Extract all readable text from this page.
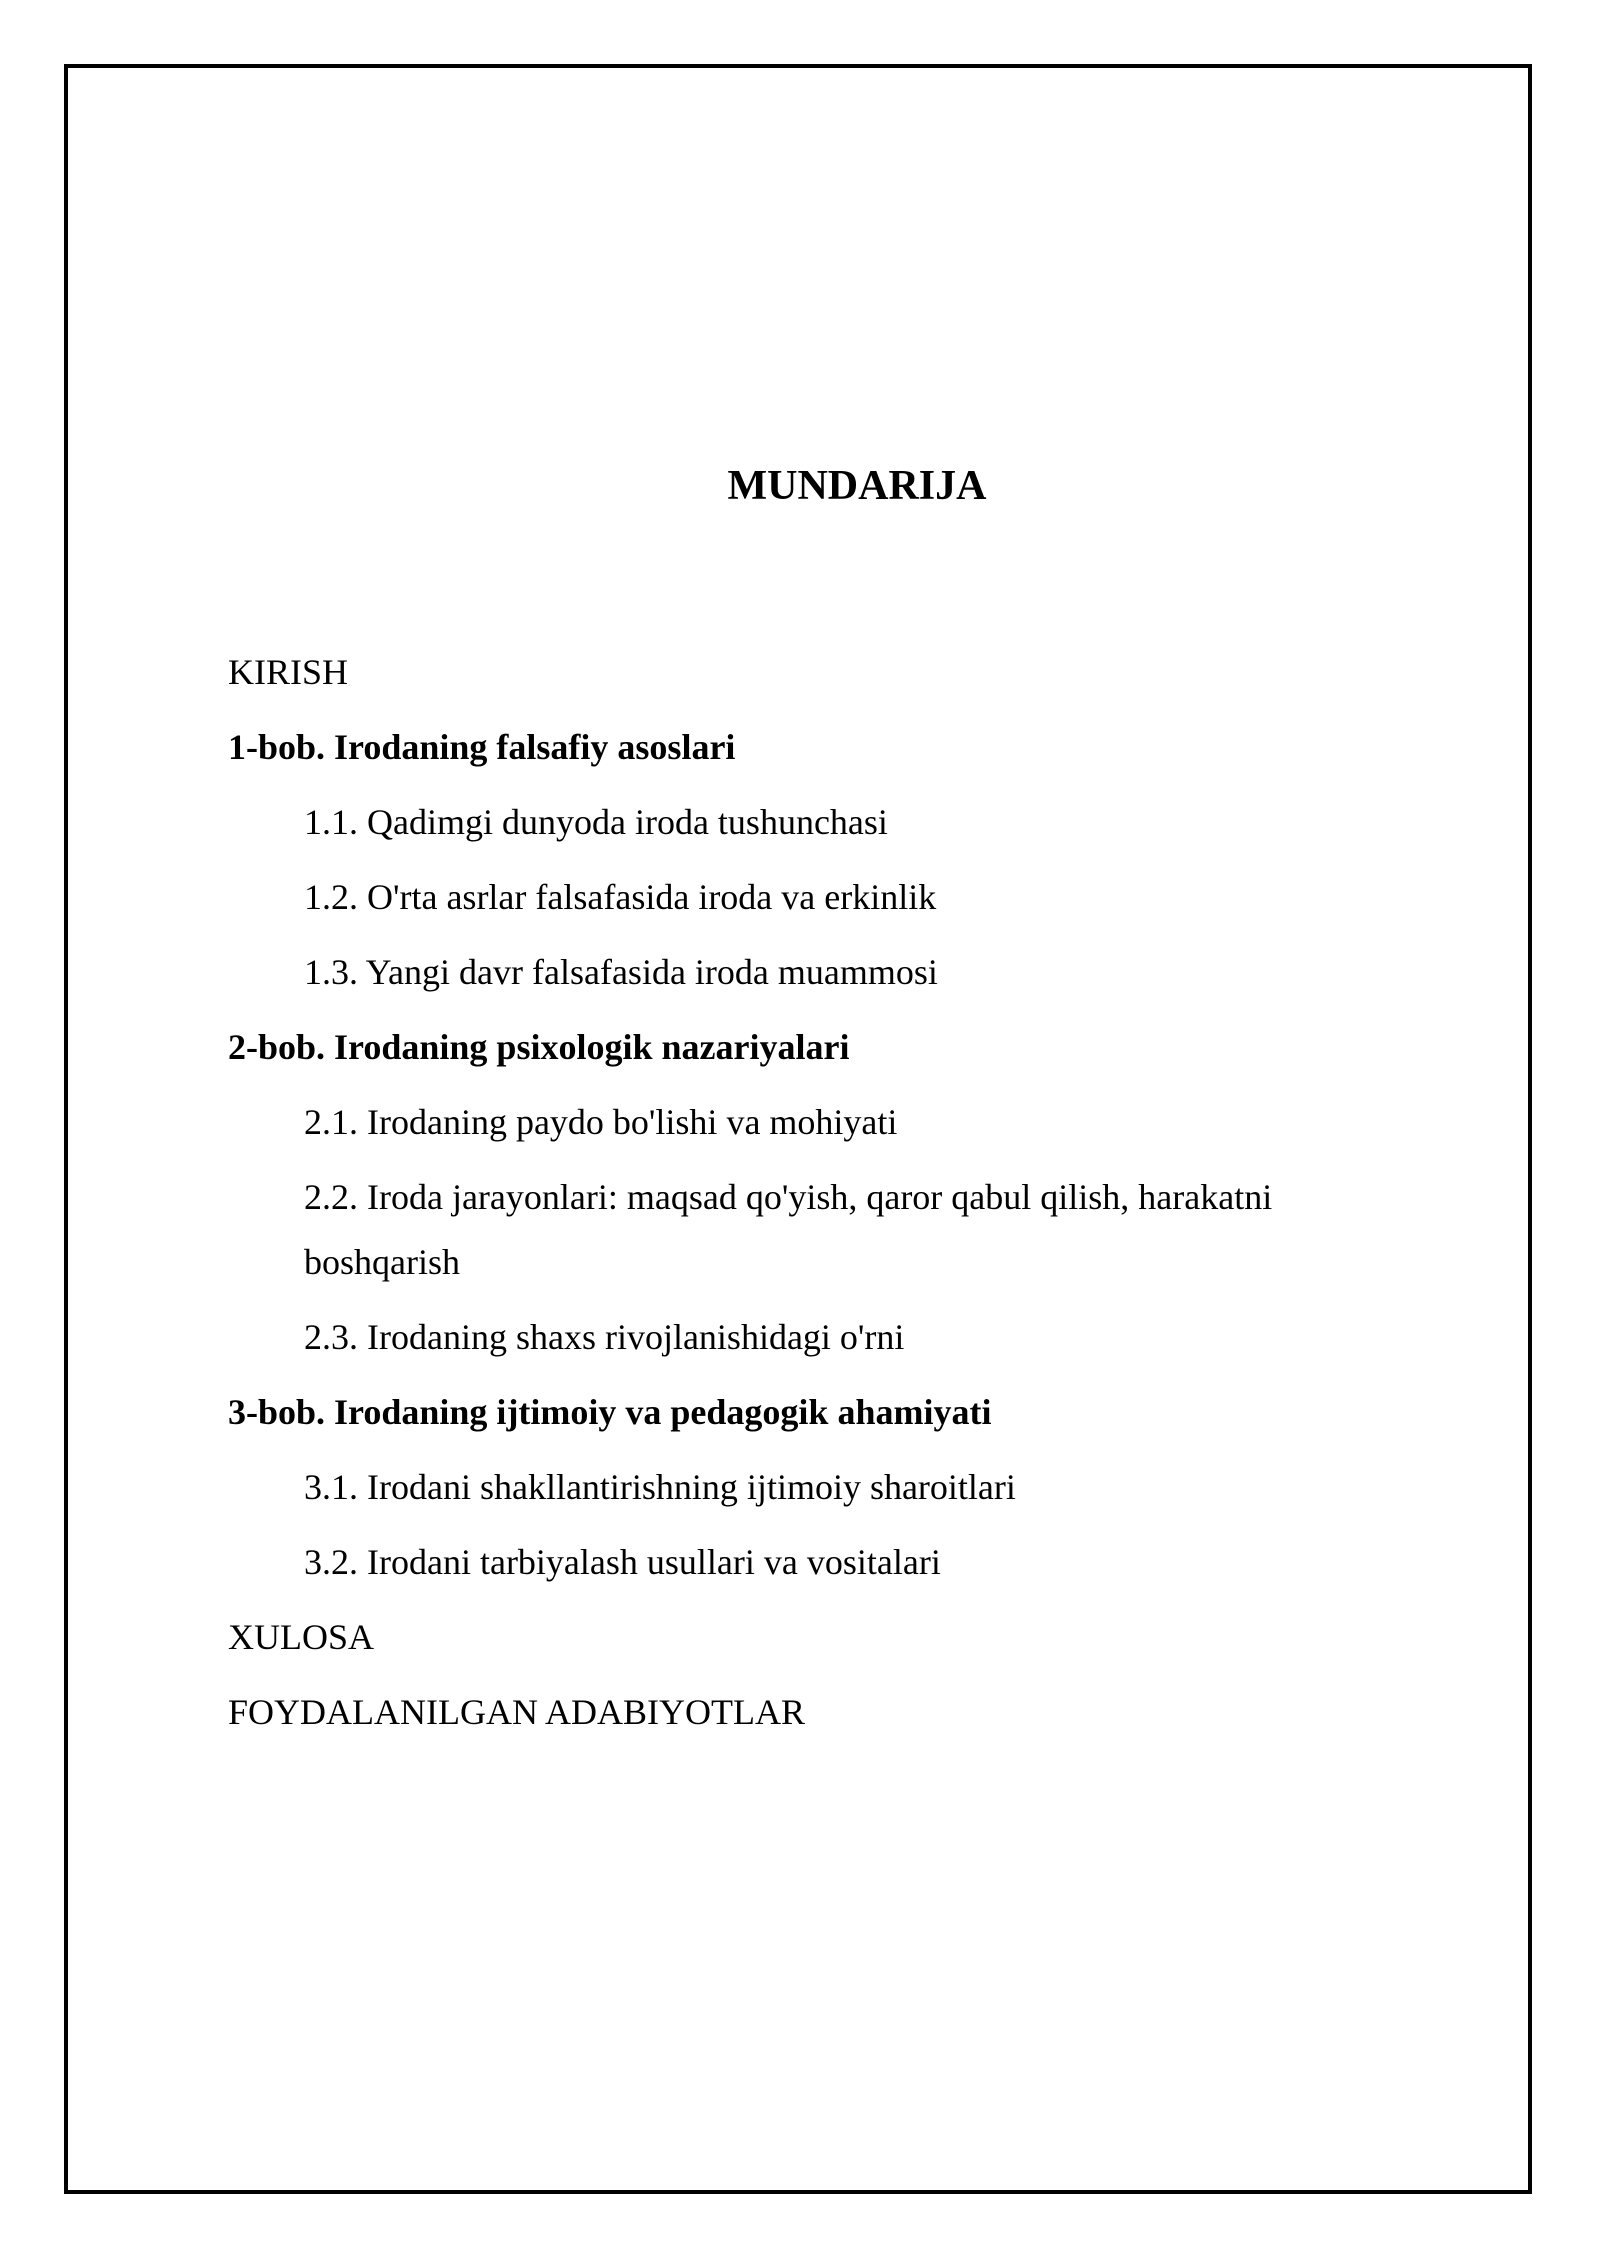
MUNDARIJA
KIRISH
1-bob. Irodaning falsafiy asoslari
1.1. Qadimgi dunyoda iroda tushunchasi
1.2. O'rta asrlar falsafasida iroda va erkinlik
1.3. Yangi davr falsafasida iroda muammosi
2-bob. Irodaning psixologik nazariyalari
2.1. Irodaning paydo bo'lishi va mohiyati
2.2. Iroda jarayonlari: maqsad qo'yish, qaror qabul qilish, harakatni boshqarish
2.3. Irodaning shaxs rivojlanishidagi o'rni
3-bob. Irodaning ijtimoiy va pedagogik ahamiyati
3.1. Irodani shakllantirishning ijtimoiy sharoitlari
3.2. Irodani tarbiyalash usullari va vositalari
XULOSA
FOYDALANILGAN ADABIYOTLAR
